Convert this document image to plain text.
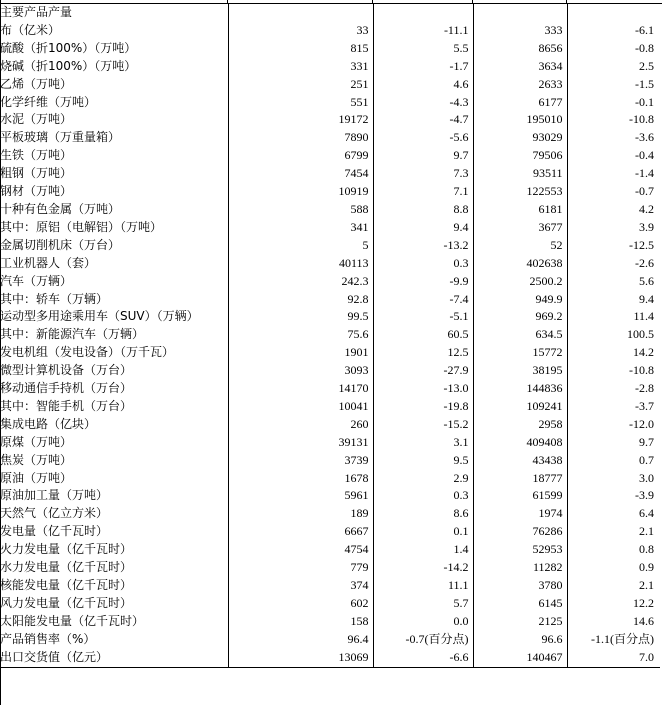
主要产品产量				
布（亿米）	33	-11.1	333	-6.1
硫酸（折100%）（万吨）	815	5.5	8656	-0.8
烧碱（折100%）（万吨）	331	-1.7	3634	2.5
乙烯（万吨）	251	4.6	2633	-1.5
化学纤维（万吨）	551	-4.3	6177	-0.1
水泥（万吨）	19172	-4.7	195010	-10.8
平板玻璃（万重量箱）	7890	-5.6	93029	-3.6
生铁（万吨）	6799	9.7	79506	-0.4
粗钢（万吨）	7454	7.3	93511	-1.4
钢材（万吨）	10919	7.1	122553	-0.7
十种有色金属（万吨）	588	8.8	6181	4.2
其中：原铝（电解铝）（万吨）	341	9.4	3677	3.9
金属切削机床（万台）	5	-13.2	52	-12.5
工业机器人（套）	40113	0.3	402638	-2.6
汽车（万辆）	242.3	-9.9	2500.2	5.6
其中：轿车（万辆）	92.8	-7.4	949.9	9.4
运动型多用途乘用车（SUV）（万辆）	99.5	-5.1	969.2	11.4
其中：新能源汽车（万辆）	75.6	60.5	634.5	100.5
发电机组（发电设备）（万千瓦）	1901	12.5	15772	14.2
微型计算机设备（万台）	3093	-27.9	38195	-10.8
移动通信手持机（万台）	14170	-13.0	144836	-2.8
其中：智能手机（万台）	10041	-19.8	109241	-3.7
集成电路（亿块）	260	-15.2	2958	-12.0
原煤（万吨）	39131	3.1	409408	9.7
焦炭（万吨）	3739	9.5	43438	0.7
原油（万吨）	1678	2.9	18777	3.0
原油加工量（万吨）	5961	0.3	61599	-3.9
天然气（亿立方米）	189	8.6	1974	6.4
发电量（亿千瓦时）	6667	0.1	76286	2.1
火力发电量（亿千瓦时）	4754	1.4	52953	0.8
水力发电量（亿千瓦时）	779	-14.2	11282	0.9
核能发电量（亿千瓦时）	374	11.1	3780	2.1
风力发电量（亿千瓦时）	602	5.7	6145	12.2
太阳能发电量（亿千瓦时）	158	0.0	2125	14.6
产品销售率（%）	96.4	-0.7(百分点)	96.6	-1.1(百分点)
出口交货值（亿元）	13069	-6.6	140467	7.0
